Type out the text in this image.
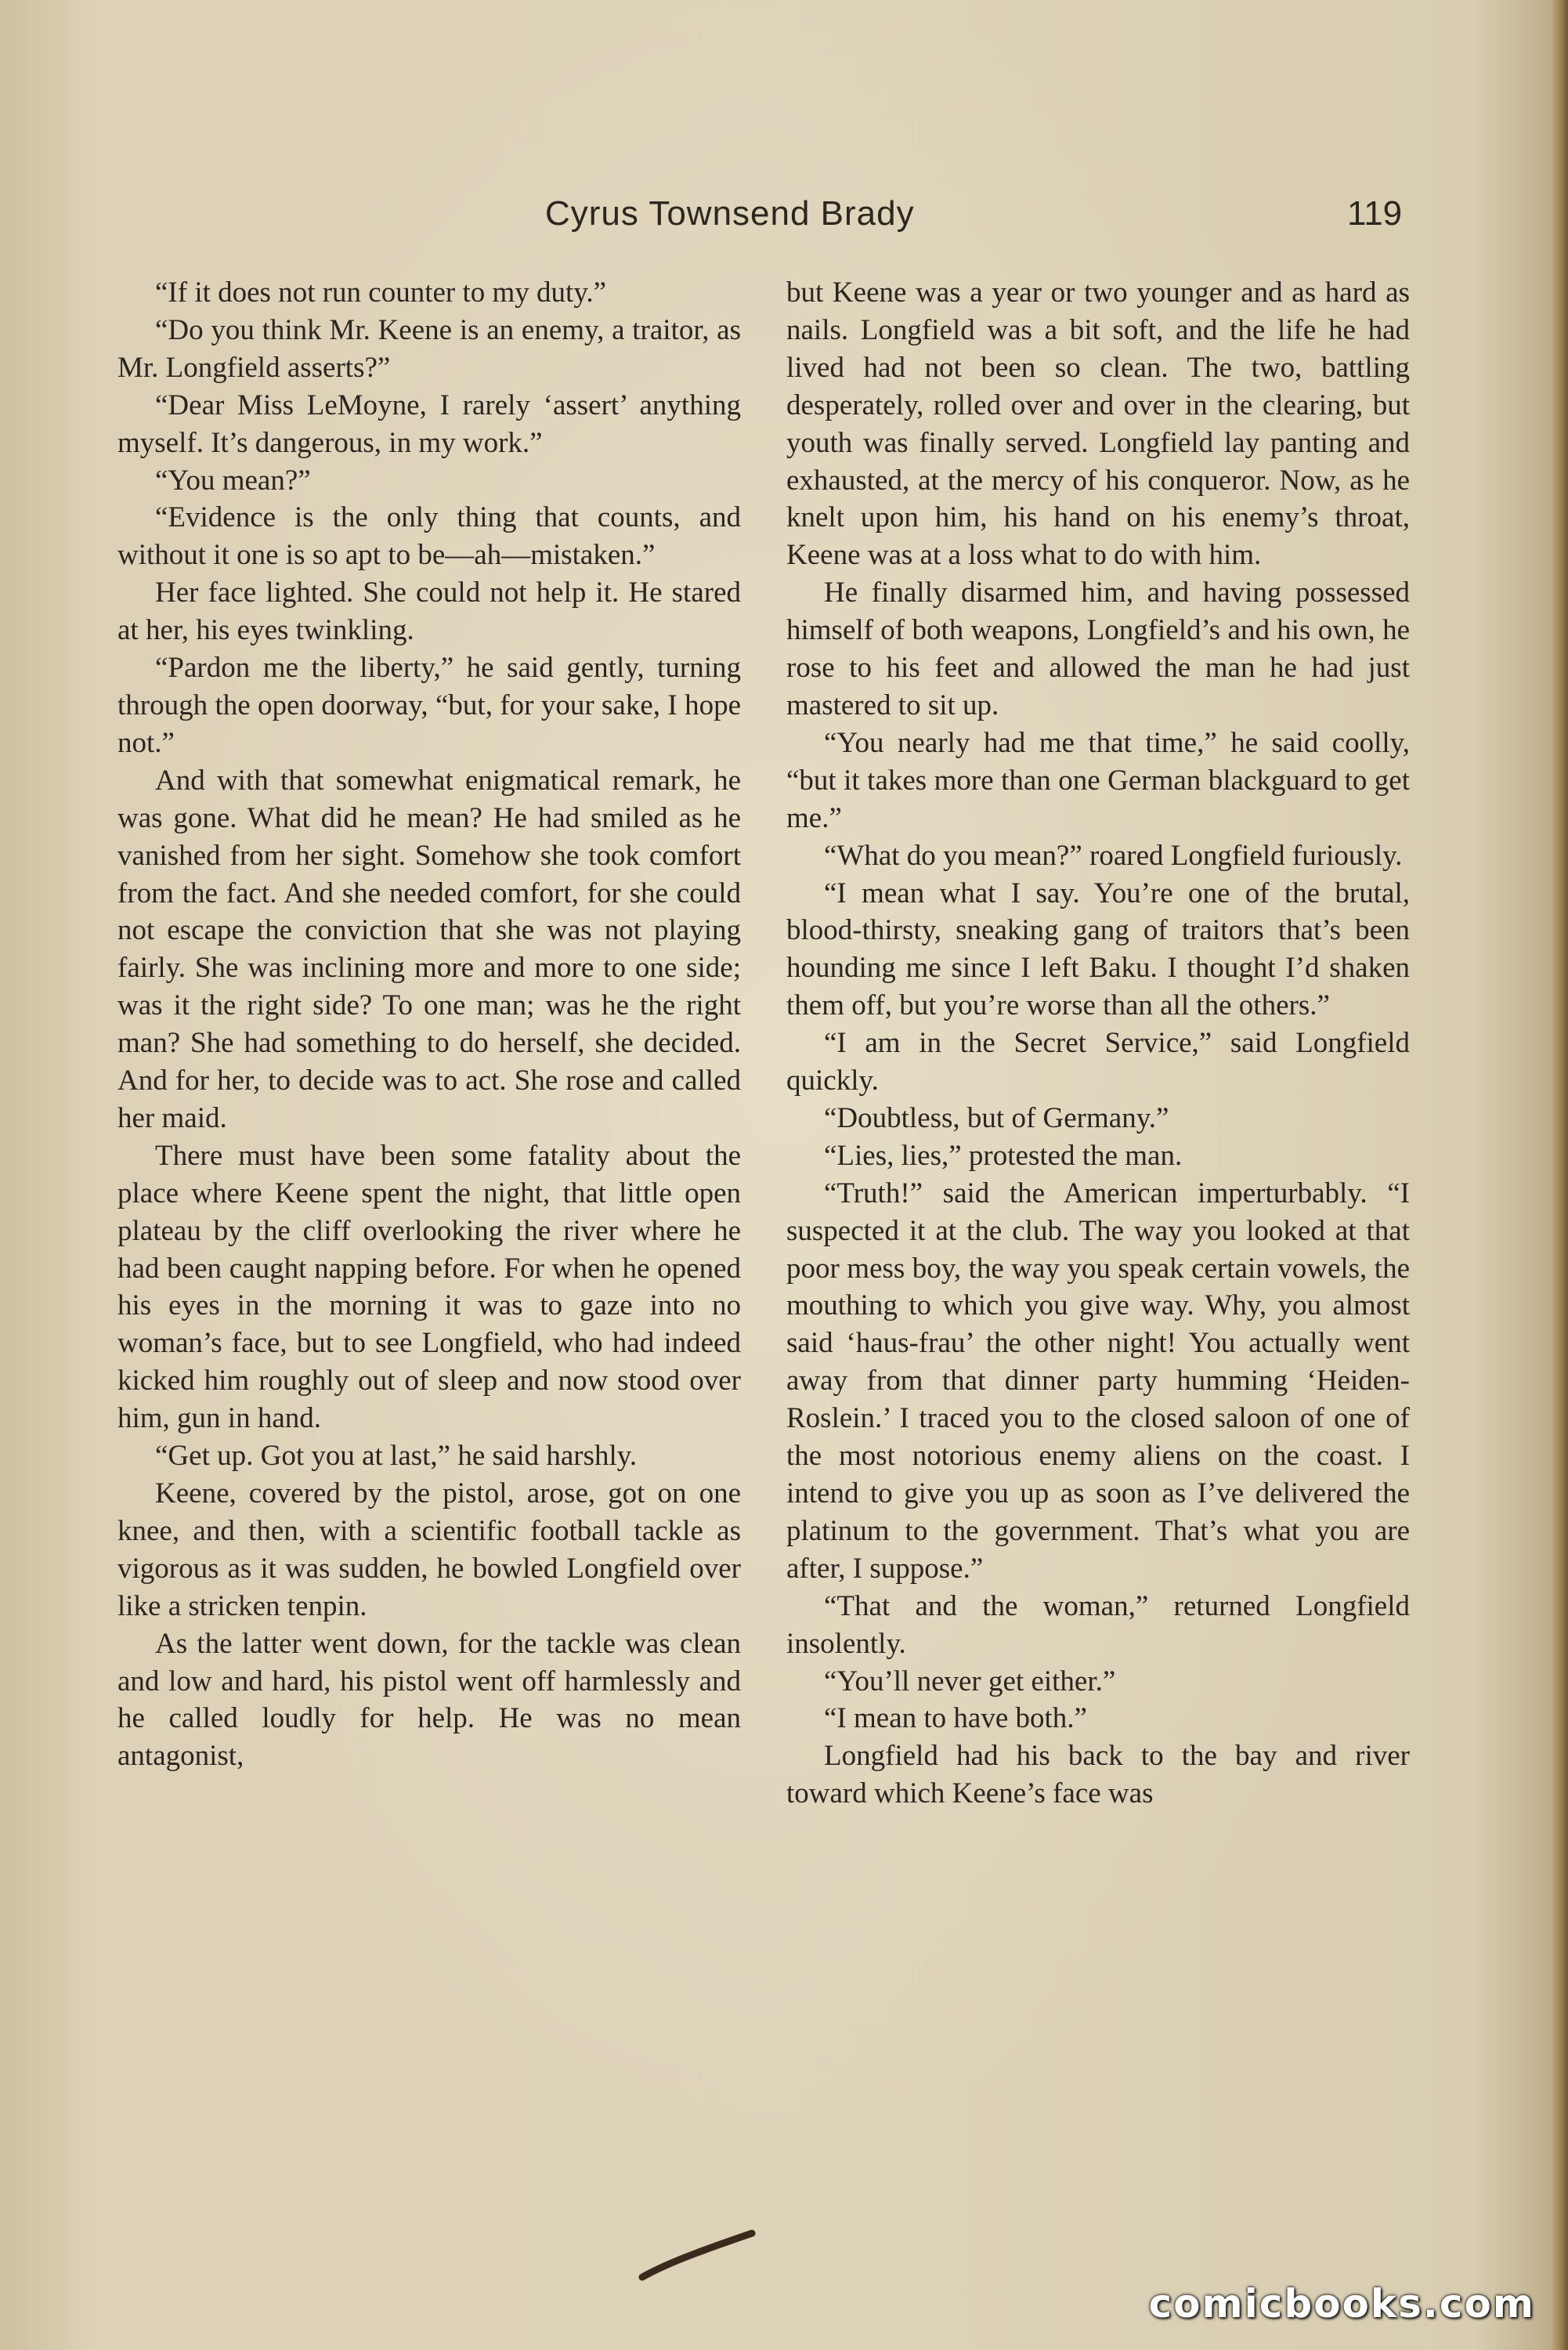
Cyrus Townsend Brady	119

“If it does not run counter to my duty.”

“Do you think Mr. Keene is an enemy, a traitor, as Mr. Longfield asserts?”

“Dear Miss LeMoyne, I rarely ‘assert’ anything myself. It’s dangerous, in my work.”

“You mean?”

“Evidence is the only thing that counts, and without it one is so apt to be—ah—mistaken.”

Her face lighted. She could not help it. He stared at her, his eyes twinkling.

“Pardon me the liberty,” he said gently, turning through the open doorway, “but, for your sake, I hope not.”

And with that somewhat enigmatical remark, he was gone. What did he mean? He had smiled as he vanished from her sight. Somehow she took comfort from the fact. And she needed comfort, for she could not escape the conviction that she was not playing fairly. She was inclining more and more to one side; was it the right side? To one man; was he the right man? She had something to do herself, she decided. And for her, to decide was to act. She rose and called her maid.

There must have been some fatality about the place where Keene spent the night, that little open plateau by the cliff overlooking the river where he had been caught napping before. For when he opened his eyes in the morning it was to gaze into no woman’s face, but to see Longfield, who had indeed kicked him roughly out of sleep and now stood over him, gun in hand.

“Get up. Got you at last,” he said harshly.

Keene, covered by the pistol, arose, got on one knee, and then, with a scientific football tackle as vigorous as it was sudden, he bowled Longfield over like a stricken tenpin.

As the latter went down, for the tackle was clean and low and hard, his pistol went off harmlessly and he called loudly for help. He was no mean antagonist,

but Keene was a year or two younger and as hard as nails. Longfield was a bit soft, and the life he had lived had not been so clean. The two, battling desperately, rolled over and over in the clearing, but youth was finally served. Longfield lay panting and exhausted, at the mercy of his conqueror. Now, as he knelt upon him, his hand on his enemy’s throat, Keene was at a loss what to do with him.

He finally disarmed him, and having possessed himself of both weapons, Longfield’s and his own, he rose to his feet and allowed the man he had just mastered to sit up.

“You nearly had me that time,” he said coolly, “but it takes more than one German blackguard to get me.”

“What do you mean?” roared Longfield furiously.

“I mean what I say. You’re one of the brutal, blood-thirsty, sneaking gang of traitors that’s been hounding me since I left Baku. I thought I’d shaken them off, but you’re worse than all the others.”

“I am in the Secret Service,” said Longfield quickly.

“Doubtless, but of Germany.”

“Lies, lies,” protested the man.

“Truth!” said the American imperturbably. “I suspected it at the club. The way you looked at that poor mess boy, the way you speak certain vowels, the mouthing to which you give way. Why, you almost said ‘haus-frau’ the other night! You actually went away from that dinner party humming ‘Heiden-Roslein.’ I traced you to the closed saloon of one of the most notorious enemy aliens on the coast. I intend to give you up as soon as I’ve delivered the platinum to the government. That’s what you are after, I suppose.”

“That and the woman,” returned Longfield insolently.

“You’ll never get either.”

“I mean to have both.”

Longfield had his back to the bay and river toward which Keene’s face was

comicbooks.com
